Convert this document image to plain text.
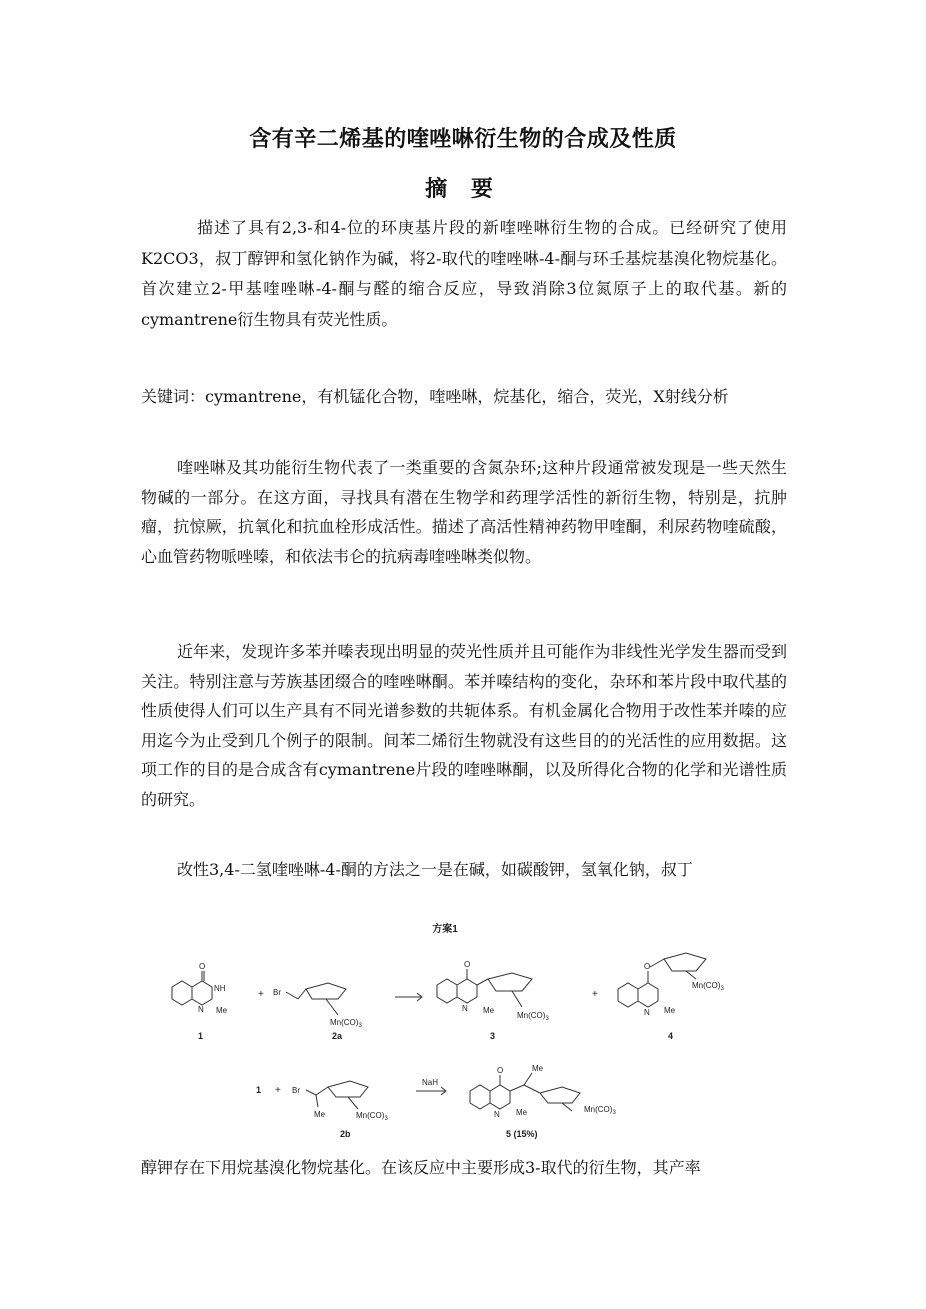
含有辛二烯基的喹唑啉衍生物的合成及性质
摘 要

描述了具有2,3-和4-位的环庚基片段的新喹唑啉衍生物的合成。已经研究了使用K2CO3，叔丁醇钾和氢化钠作为碱，将2-取代的喹唑啉-4-酮与环壬基烷基溴化物烷基化。首次建立2-甲基喹唑啉-4-酮与醛的缩合反应，导致消除3位氮原子上的取代基。新的cymantrene衍生物具有荧光性质。

关键词：cymantrene，有机锰化合物，喹唑啉，烷基化，缩合，荧光，X射线分析

喹唑啉及其功能衍生物代表了一类重要的含氮杂环;这种片段通常被发现是一些天然生物碱的一部分。在这方面，寻找具有潜在生物学和药理学活性的新衍生物，特别是，抗肿瘤，抗惊厥，抗氧化和抗血栓形成活性。描述了高活性精神药物甲喹酮，利尿药物喹硫酸，心血管药物哌唑嗪，和依法韦仑的抗病毒喹唑啉类似物。

近年来，发现许多苯并嗪表现出明显的荧光性质并且可能作为非线性光学发生器而受到关注。特别注意与芳族基团缀合的喹唑啉酮。苯并嗪结构的变化，杂环和苯片段中取代基的性质使得人们可以生产具有不同光谱参数的共轭体系。有机金属化合物用于改性苯并嗪的应用迄今为止受到几个例子的限制。间苯二烯衍生物就没有这些目的的光活性的应用数据。这项工作的目的是合成含有cymantrene片段的喹唑啉酮，以及所得化合物的化学和光谱性质的研究。

改性3,4-二氢喹唑啉-4-酮的方法之一是在碱，如碳酸钾，氢氧化钠，叔丁

方案1
O
NH
N Me
1
+ Br
$Mn(CO)_3$
2a
O
N Me
$Mn(CO)_3$
3
+
O
N Me
$Mn(CO)_3$
4
1 + Br
Me	$Mn(CO)_3$
2b
NaH
O	Me
N Me	$Mn(CO)_3$
5 (15%)

醇钾存在下用烷基溴化物烷基化。在该反应中主要形成3-取代的衍生物，其产率
